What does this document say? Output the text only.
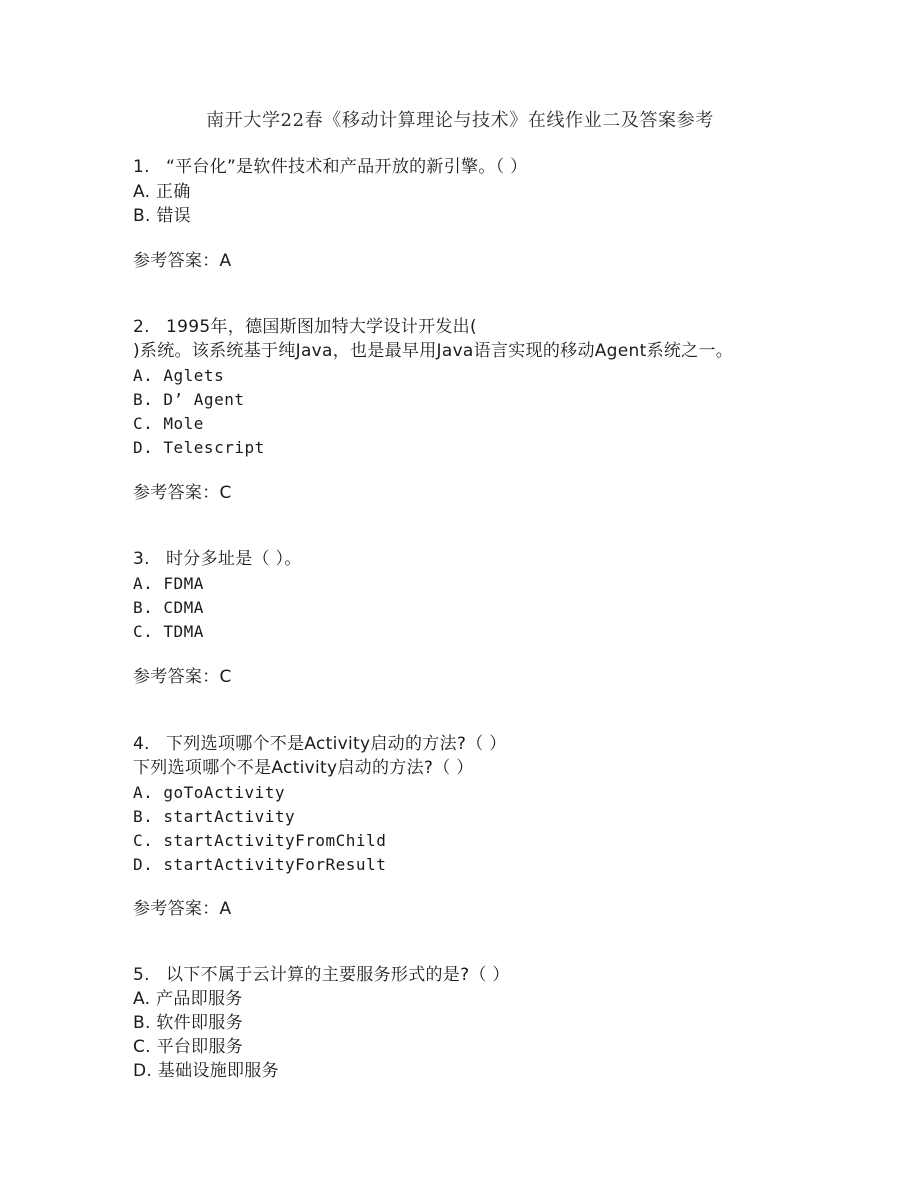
南开大学22春《移动计算理论与技术》在线作业二及答案参考
1. “平台化”是软件技术和产品开放的新引擎。（ ）
A. 正确
B. 错误
参考答案：A
2. 1995年，德国斯图加特大学设计开发出(
)系统。该系统基于纯Java，也是最早用Java语言实现的移动Agent系统之一。
A. Aglets
B. D’ Agent
C. Mole
D. Telescript
参考答案：C
3. 时分多址是（ ）。
A. FDMA
B. CDMA
C. TDMA
参考答案：C
4. 下列选项哪个不是Activity启动的方法?（ ）
下列选项哪个不是Activity启动的方法?（ ）
A. goToActivity
B. startActivity
C. startActivityFromChild
D. startActivityForResult
参考答案：A
5. 以下不属于云计算的主要服务形式的是?（ ）
A. 产品即服务
B. 软件即服务
C. 平台即服务
D. 基础设施即服务
